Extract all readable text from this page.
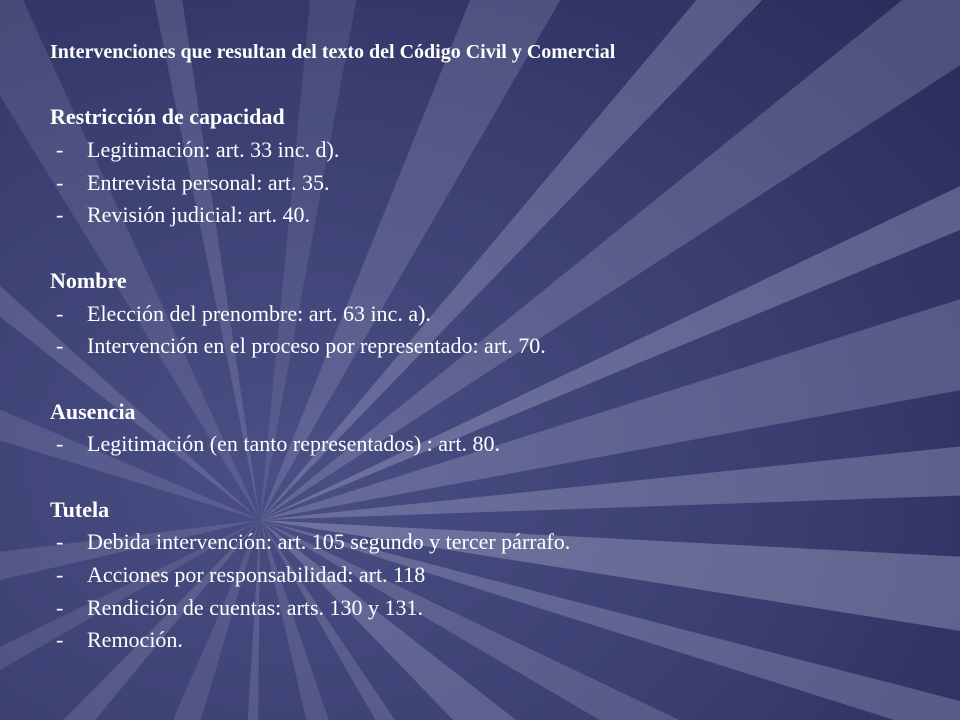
Intervenciones que resultan del texto del Código Civil y Comercial
Restricción de capacidad
- Legitimación: art. 33 inc. d).
- Entrevista personal: art. 35.
- Revisión judicial: art. 40.
Nombre
- Elección del prenombre: art. 63 inc. a).
- Intervención en el proceso por representado: art. 70.
Ausencia
- Legitimación (en tanto representados) : art. 80.
Tutela
- Debida intervención: art. 105 segundo y tercer párrafo.
- Acciones por responsabilidad: art. 118
- Rendición de cuentas: arts. 130 y 131.
- Remoción.
